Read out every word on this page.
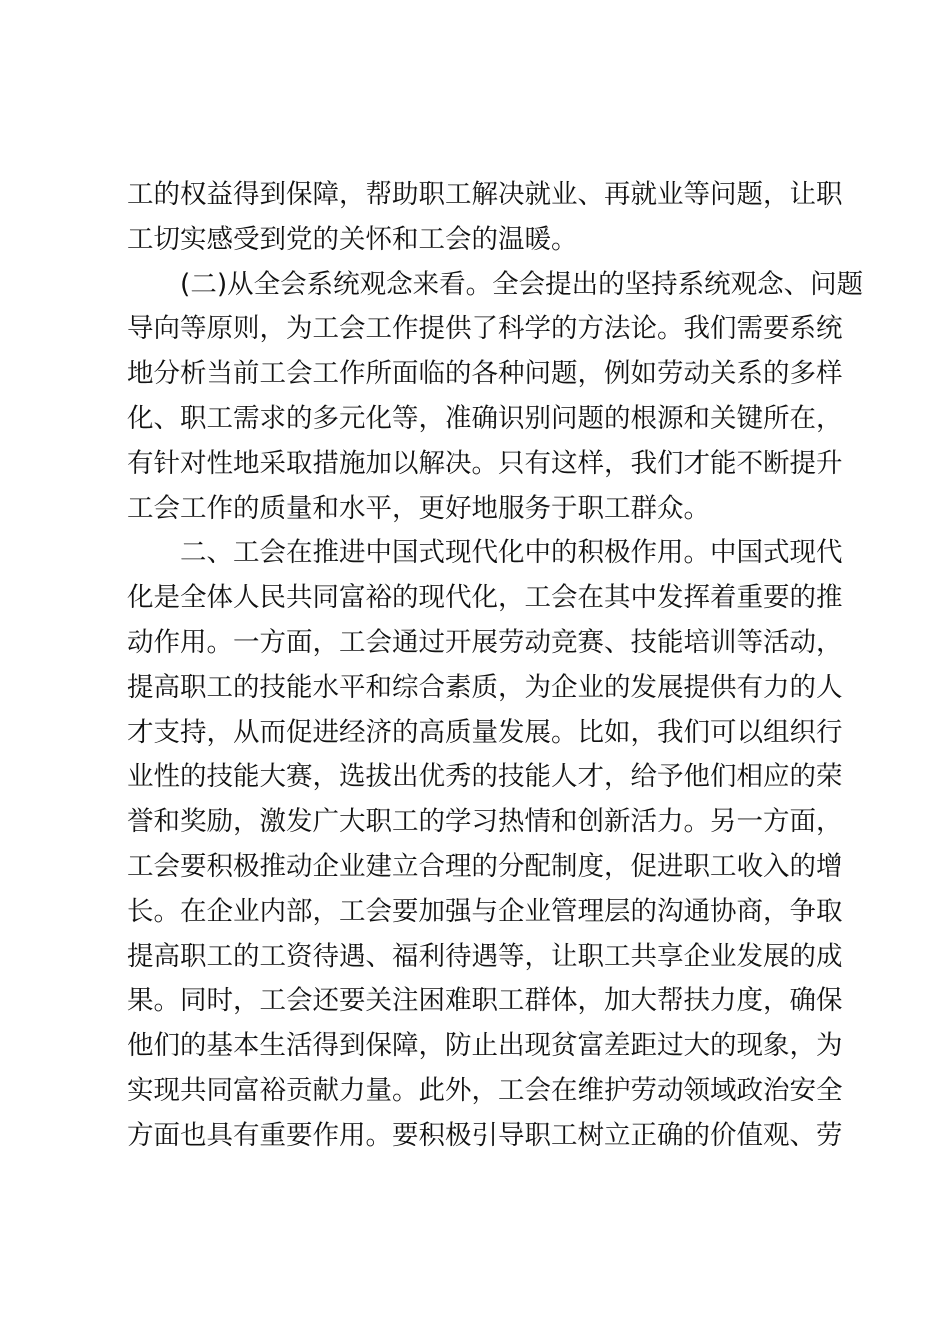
工的权益得到保障，帮助职工解决就业、再就业等问题，让职
工切实感受到党的关怀和工会的温暖。
(二)从全会系统观念来看。全会提出的坚持系统观念、问题
导向等原则，为工会工作提供了科学的方法论。我们需要系统
地分析当前工会工作所面临的各种问题，例如劳动关系的多样
化、职工需求的多元化等，准确识别问题的根源和关键所在，
有针对性地采取措施加以解决。只有这样，我们才能不断提升
工会工作的质量和水平，更好地服务于职工群众。
二、工会在推进中国式现代化中的积极作用。中国式现代
化是全体人民共同富裕的现代化，工会在其中发挥着重要的推
动作用。一方面，工会通过开展劳动竞赛、技能培训等活动，
提高职工的技能水平和综合素质，为企业的发展提供有力的人
才支持，从而促进经济的高质量发展。比如，我们可以组织行
业性的技能大赛，选拔出优秀的技能人才，给予他们相应的荣
誉和奖励，激发广大职工的学习热情和创新活力。另一方面，
工会要积极推动企业建立合理的分配制度，促进职工收入的增
长。在企业内部，工会要加强与企业管理层的沟通协商，争取
提高职工的工资待遇、福利待遇等，让职工共享企业发展的成
果。同时，工会还要关注困难职工群体，加大帮扶力度，确保
他们的基本生活得到保障，防止出现贫富差距过大的现象，为
实现共同富裕贡献力量。此外，工会在维护劳动领域政治安全
方面也具有重要作用。要积极引导职工树立正确的价值观、劳
